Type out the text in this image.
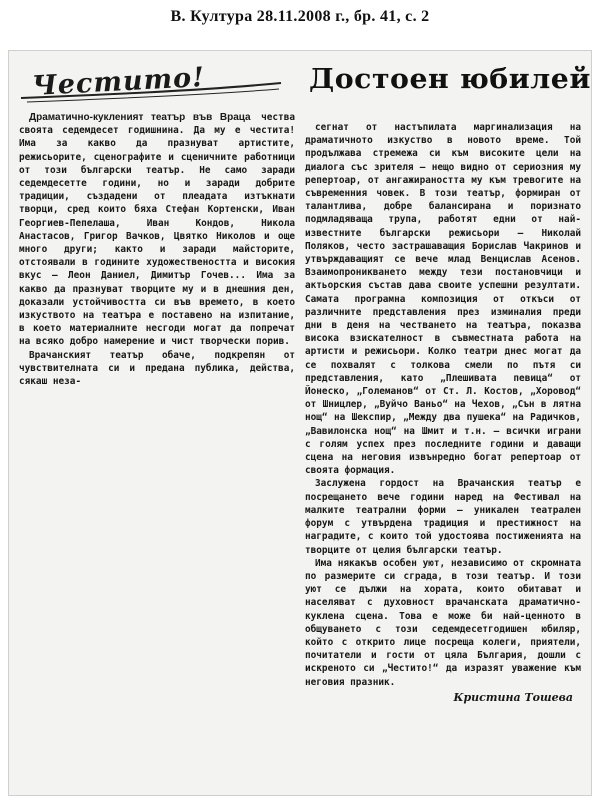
В. Култура 28.11.2008 г., бр. 41, с. 2
Честито!	Достоен юбилей

Драматично-кукленият театър във Враца чества своята седемдесет годишнина. Да му е честита! Има за какво да празнуват артистите, режисьорите, сценографите и сценичните работници от този български театър. Не само заради седемдесетте години, но и заради добрите традиции, създадени от плеадата изтъкнати творци, сред които бяха Стефан Кортенски, Иван Георгиев-Пепелаша, Иван Кондов, Никола Анастасов, Григор Вачков, Цвятко Николов и още много други; както и заради майсторите, отстоявали в годините художествеността и високия вкус – Леон Даниел, Димитър Гочев... Има за какво да празнуват творците му и в днешния ден, доказали устойчивостта си във времето, в което изкуството на театъра е поставено на изпитание, в което материалните несгоди могат да попречат на всяко добро намерение и чист творчески порив.

Врачанският театър обаче, подкрепян от чувствителната си и предана публика, действа, сякаш неза-

сегнат от настъпилата маргинализация на драматичното изкуство в новото време. Той продължава стремежа си към високите цели на диалога със зрителя – нещо видно от сериозния му репертоар, от ангажираността му към тревогите на съвременния човек. В този театър, формиран от талантлива, добре балансирана и поризнато подмладяваща трупа, работят едни от най-известните български режисьори – Николай Поляков, често застрашаващия Борислав Чакринов и утвърждаващият се вече млад Венцислав Асенов. Взаимопроникването между тези постановчици и актьорския състав дава своите успешни резултати. Самата програмна композиция от откъси от различните представления през изминалия преди дни в деня на честването на театъра, показва висока взискателност в съвместната работа на артисти и режисьори. Колко театри днес могат да се похвалят с толкова смели по пътя си представления, като „Плешивата певица“ от Йонеско, „Големанов“ от Ст. Л. Костов, „Хоровод“ от Шницлер, „Вуйчо Ваньо“ на Чехов, „Сън в лятна нощ“ на Шекспир, „Между два пушека“ на Радичков, „Вавилонска нощ“ на Шмит и т.н. – всички играни с голям успех през последните години и даващи сцена на неговия извънредно богат репертоар от своята формация.

Заслужена гордост на Врачанския театър е посрещането вече години наред на Фестивал на малките театрални форми – уникален театрален форум с утвърдена традиция и престижност на наградите, с които той удостоява постиженията на творците от целия български театър.

Има някакъв особен уют, независимо от скромната по размерите си сграда, в този театър. И този уют се дължи на хората, които обитават и населяват с духовност врачанската драматично-куклена сцена. Това е може би най-ценното в общуването с този седемдесетгодишен юбиляр, който с открито лице посреща колеги, приятели, почитатели и гости от цяла България, дошли с искреното си „Честито!“ да изразят уважение към неговия празник.

Кристина Тошева
